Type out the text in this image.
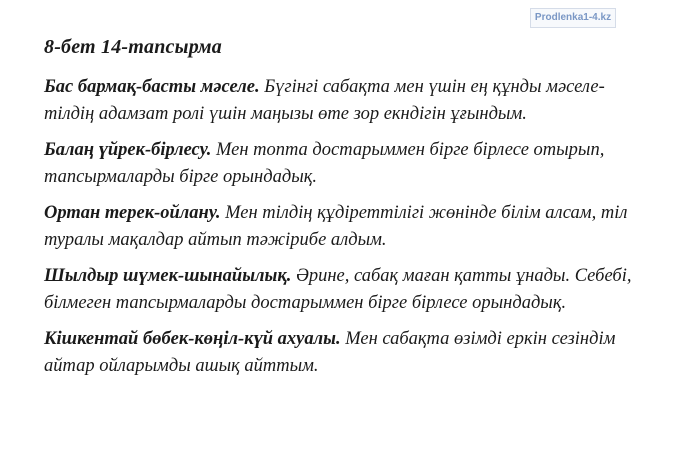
Prodlenka1-4.kz

8-бет 14-тапсырма

Бас бармақ-басты мәселе. Бүгінгі сабақта мен үшін ең құнды мәселе-тілдің адамзат ролі үшін маңызы өте зор екндігін ұғындым.

Балаң үйрек-бірлесу. Мен топта достарыммен бірге бірлесе отырып, тапсырмаларды бірге орындадық.

Ортан терек-ойлану. Мен тілдің құдіреттілігі жөнінде білім алсам, тіл туралы мақалдар айтып тәжірибе алдым.

Шылдыр шүмек-шынайылық. Әрине, сабақ маған қатты ұнады. Себебі, білмеген тапсырмаларды достарыммен бірге бірлесе орындадық.

Кішкентай бөбек-көңіл-күй ахуалы. Мен сабақта өзімді еркін сезіндім айтар ойларымды ашық айттым.
